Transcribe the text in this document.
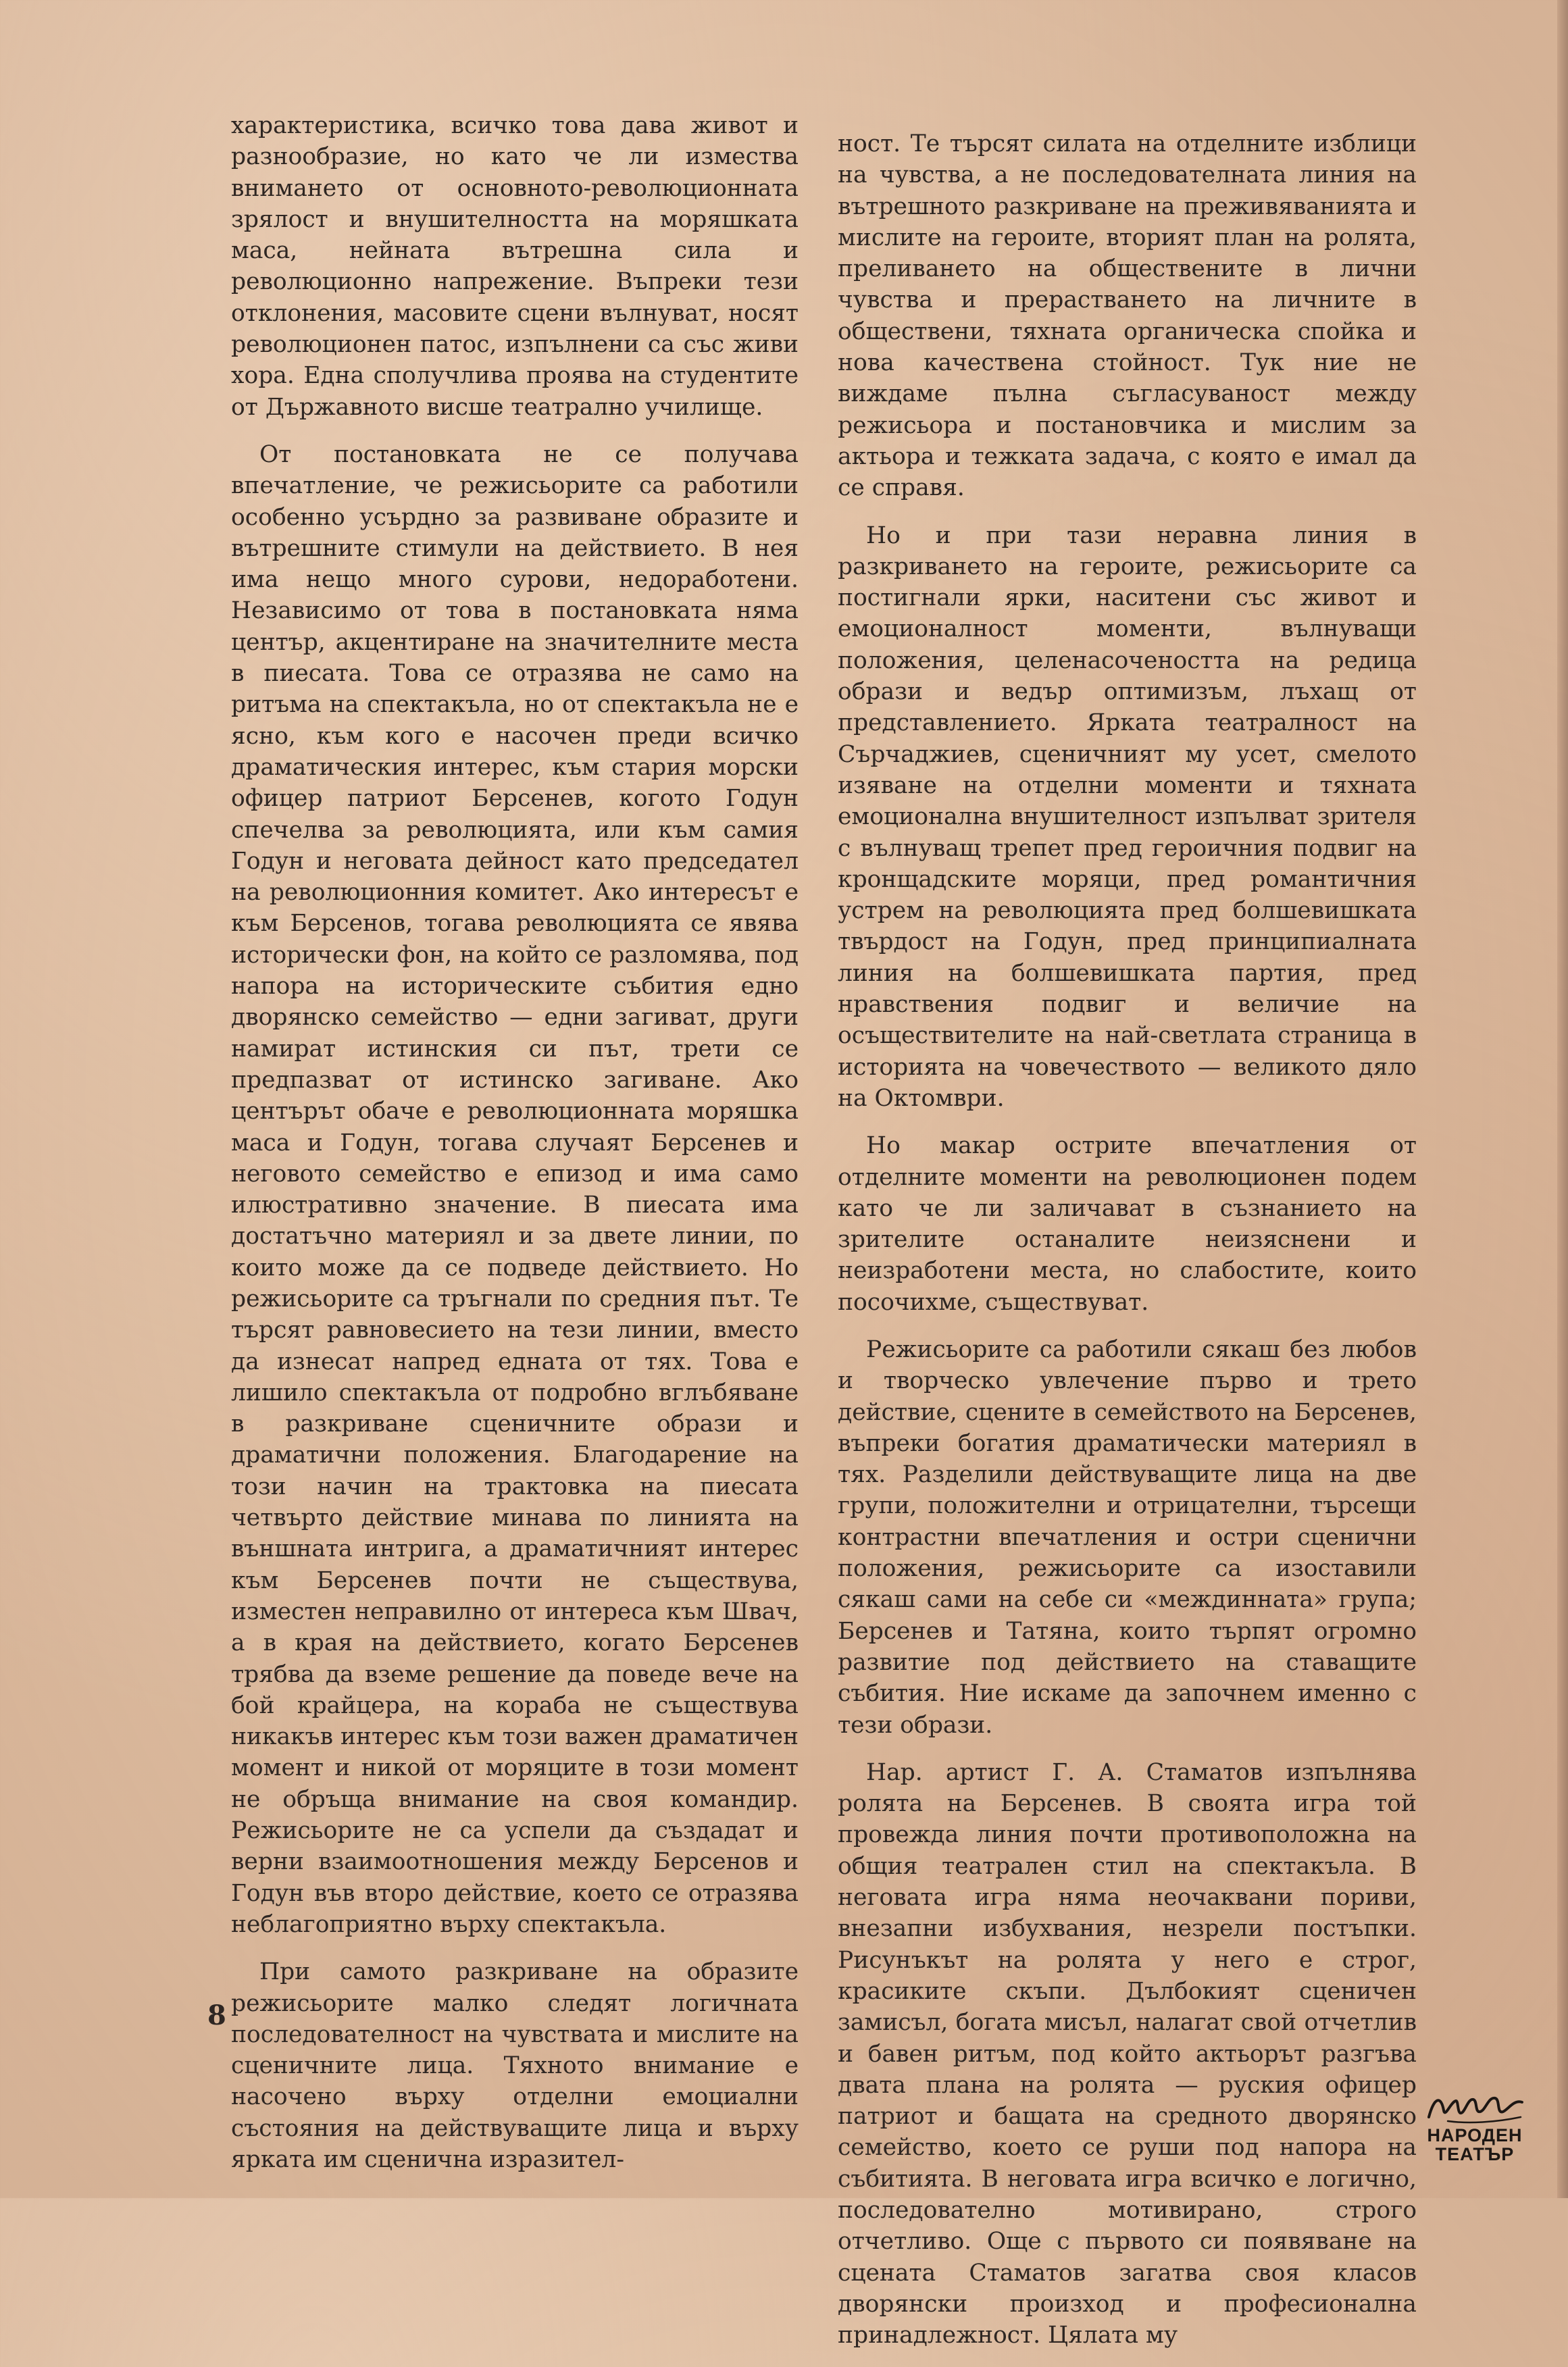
характеристика, всичко това дава живот и разнообразие, но като че ли измества внимането от основното-революционната зрялост и внушителността на моряшката маса, нейната вътрешна сила и революционно напрежение. Въпреки тези отклонения, масовите сцени вълнуват, носят революционен патос, изпълнени са със живи хора. Една сполучлива проява на студентите от Държавното висше театрално училище.

От постановката не се получава впечатление, че режисьорите са работили особенно усърдно за развиване образите и вътрешните стимули на действието. В нея има нещо много сурови, недоработени. Независимо от това в постановката няма център, акцентиране на значителните места в пиесата. Това се отразява не само на ритъма на спектакъла, но от спектакъла не е ясно, към кого е насочен преди всичко драматическия интерес, към стария морски офицер патриот Берсенев, когото Годун спечелва за революцията, или към самия Годун и неговата дейност като председател на революционния комитет. Ако интересът е към Берсенов, тогава революцията се явява исторически фон, на който се разломява, под напора на историческите събития едно дворянско семейство — едни загиват, други намират истинския си път, трети се предпазват от истинско загиване. Ако центърът обаче е революционната моряшка маса и Годун, тогава случаят Берсенев и неговото семейство е епизод и има само илюстративно значение. В пиесата има достатъчно материял и за двете линии, по които може да се подведе действието. Но режисьорите са тръгнали по средния път. Те търсят равновесието на тези линии, вместо да изнесат напред едната от тях. Това е лишило спектакъла от подробно вглъбяване в разкриване сценичните образи и драматични положения. Благодарение на този начин на трактовка на пиесата четвърто действие минава по линията на външната интрига, а драматичният интерес към Берсенев почти не съществува, изместен неправилно от интереса към Швач, а в края на действието, когато Берсенев трябва да вземе решение да поведе вече на бой крайцера, на кораба не съществува никакъв интерес към този важен драматичен момент и никой от моряците в този момент не обръща внимание на своя командир. Режисьорите не са успели да създадат и верни взаимоотношения между Берсенов и Годун във второ действие, което се отразява неблагоприятно върху спектакъла.

При самото разкриване на образите режисьорите малко следят логичната последователност на чувствата и мислите на сценичните лица. Тяхното внимание е насочено върху отделни емоциални състояния на действуващите лица и върху ярката им сценична изразител-

ност. Те търсят силата на отделните изблици на чувства, а не последователната линия на вътрешното разкриване на преживяванията и мислите на героите, вторият план на ролята, преливането на обществените в лични чувства и прерастването на личните в обществени, тяхната органическа спойка и нова качествена стойност. Тук ние не виждаме пълна съгласуваност между режисьора и постановчика и мислим за актьора и тежката задача, с която е имал да се справя.

Но и при тази неравна линия в разкриването на героите, режисьорите са постигнали ярки, наситени със живот и емоционалност моменти, вълнуващи положения, целенасочеността на редица образи и ведър оптимизъм, лъхащ от представлението. Ярката театралност на Сърчаджиев, сценичният му усет, смелото изяване на отделни моменти и тяхната емоционална внушителност изпълват зрителя с вълнуващ трепет пред героичния подвиг на кронщадските моряци, пред романтичния устрем на революцията пред болшевишката твърдост на Годун, пред принципиалната линия на болшевишката партия, пред нравствения подвиг и величие на осъществителите на най-светлата страница в историята на човечеството — великото дяло на Октомври.

Но макар острите впечатления от отделните моменти на революционен подем като че ли заличават в съзнанието на зрителите останалите неизяснени и неизработени места, но слабостите, които посочихме, съществуват.

Режисьорите са работили сякаш без любов и творческо увлечение първо и трето действие, сцените в семейството на Берсенев, въпреки богатия драматически материял в тях. Разделили действуващите лица на две групи, положителни и отрицателни, търсещи контрастни впечатления и остри сценични положения, режисьорите са изоставили сякаш сами на себе си «междинната» група; Берсенев и Татяна, които търпят огромно развитие под действието на ставащите събития. Ние искаме да започнем именно с тези образи.

Нар. артист Г. А. Стаматов изпълнява ролята на Берсенев. В своята игра той провежда линия почти противоположна на общия театрален стил на спектакъла. В неговата игра няма неочаквани пориви, внезапни избухвания, незрели постъпки. Рисунъкът на ролята у него е строг, красиките скъпи. Дълбокият сценичен замисъл, богата мисъл, налагат свой отчетлив и бавен ритъм, под който актьорът разгъва двата плана на ролята — руския офицер патриот и бащата на средното дворянско семейство, което се руши под напора на събитията. В неговата игра всичко е логично, последователно мотивирано, строго отчетливо. Още с първото си появяване на сцената Стаматов загатва своя класов дворянски произход и професионална принадлежност. Цялата му

8
НАРОДЕН
ТЕАТЪР
